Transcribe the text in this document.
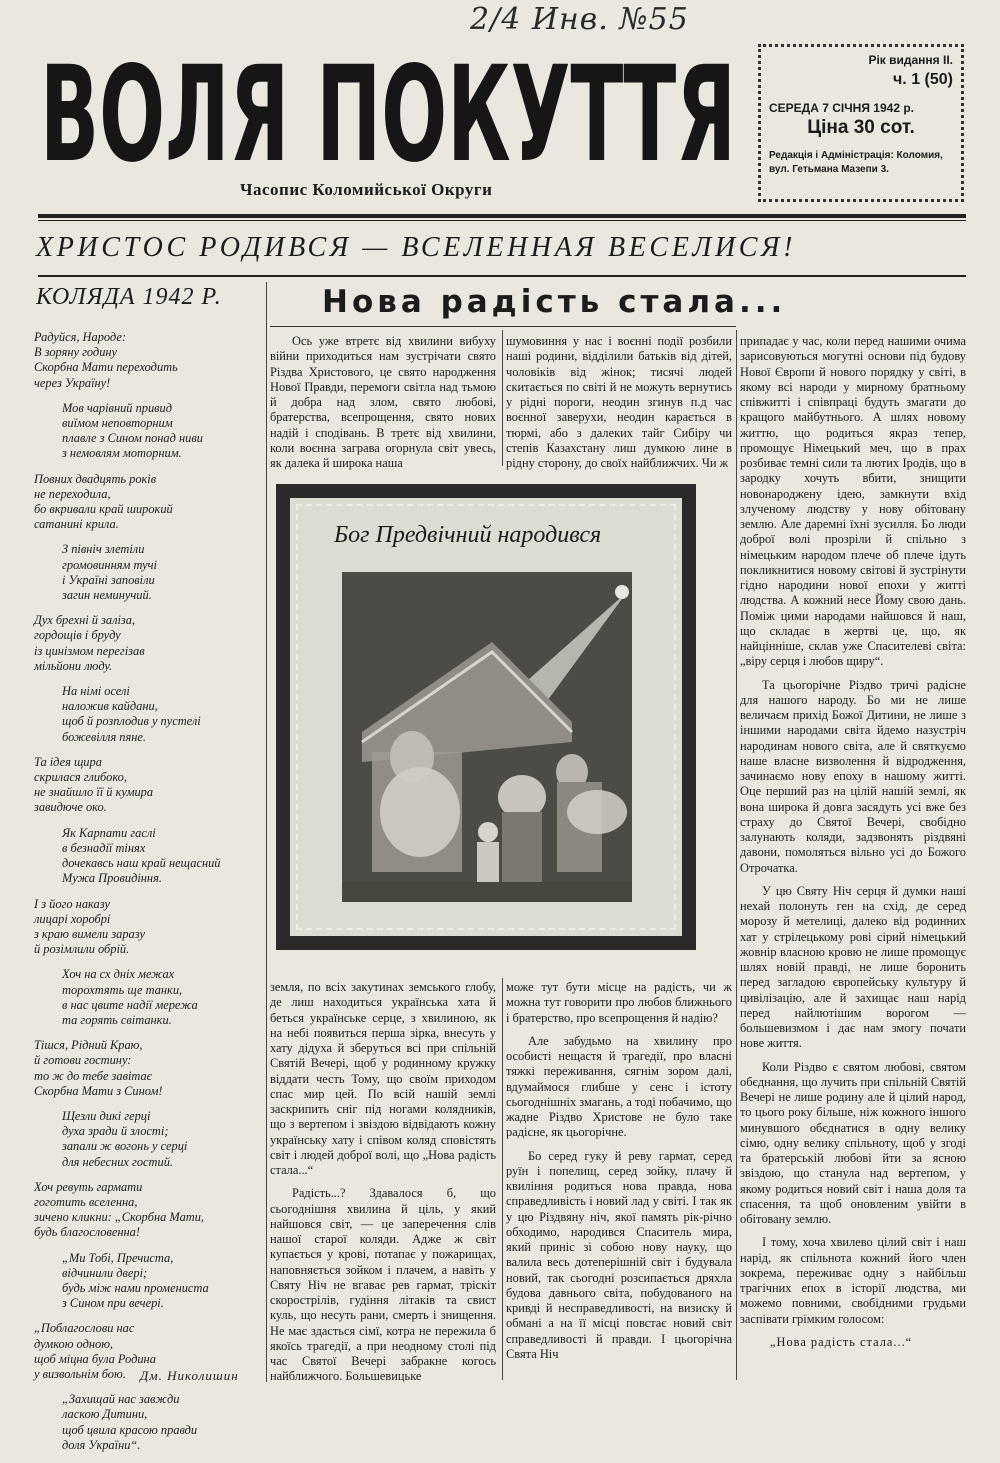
2/4 Инв. №55
ВОЛЯ ПОКУТТЯ
Часопис Коломийської Округи
Рік видання II.
ч. 1 (50)
СЕРЕДА 7 СІЧНЯ 1942 р.
Ціна 30 сот.
Редакція і Адміністрація: Коломия,
вул. Гетьмана Мазепи 3.
ХРИСТОС РОДИВСЯ — ВСЕЛЕННАЯ ВЕСЕЛИСЯ!
КОЛЯДА 1942 Р.
Радуйся, Народе:
В зоряну годину
Скорбна Мати переходить
через Україну!
Мов чарівний привид
виїмом неповторним
плавле з Сином понад ниви
з немовлям моторним.
Повних двадцять років
не переходила,
бо вкривали край широкий
сатанині крила.
З північ злетіли
громовинням тучі
і Україні заповіли
загин неминучий.
Дух брехні й заліза,
гордощів і бруду
із цинізмом перегізав
мільйони люду.
На німі оселі
наложив кайдани,
щоб й розплодив у пустелі
божевілля пяне.
Та ідея щира
скрилася глибоко,
не знайшло її й кумира
завидюче око.
Як Карпати гаслі
в безнадії тінях
дочекавсь наш край нещасний
Мужа Провидіння.
І з його наказу
лицарі хоробрі
з краю вимели заразу
й розімлили обрій.
Хоч на сх дніх межах
торохтять ще танки,
в нас цвите надії мережа
та горять світанки.
Тішся, Рідний Краю,
й готови гостину:
то ж до тебе завітає
Скорбна Мати з Сином!
Щезли дикі герці
духа зради й злості;
запали ж вогонь у серці
для небесних гостий.
Хоч ревуть гармати
гоготить вселенна,
зичено кликни: „Скорбна Мати,
будь благословенна!
„Ми Тобі, Пречиста,
відчинили двері;
будь між нами промениста
з Сином при вечері.
„Поблагослови нас
думкою одною,
щоб міцна була Родина
у визвольнім бою.
„Захищай нас завжди
ласкою Дитини,
щоб цвила красою правди
доля України“.
Дм. Николишин
Нова радість стала...

Ось уже втретє від хвилини вибуху війни приходиться нам зустрічати свято Різдва Христового, це свято народження Нової Правди, перемоги світла над тьмою й добра над злом, свято любові, братерства, всепрощення, свято нових надій і сподівань. В третє від хвилини, коли воєнна заграва огорнула світ увесь, як далека й широка наша

шумовиння у нас і воєнні події розбили наші родини, відділили батьків від дітей, чоловіків від жінок; тисячі людей скитається по світі й не можуть вернутись у рідні пороги, неодин згинув п.д час воєнної заверухи, неодин карається в тюрмі, або з далеких тайг Сибіру чи степів Казахстану лиш думкою лине в рідну сторону, до своїх найближчих. Чи ж

припадає у час, коли перед нашими очима зарисовуються могутні основи під будову Нової Європи й нового порядку у світі, в якому всі народи у мирному братньому співжитті і співпраці будуть змагати до кращого майбутнього. А шлях новому життю, що родиться якраз тепер, промощує Німецький меч, що в прах розбиває темні сили та лютих Іродів, що в зародку хочуть вбити, знищити новонароджену ідею, замкнути вхід злученому людству у нову обітовану землю. Але даремні їхні зусилля. Бо люди доброї волі прозріли й спільно з німецьким народом плече об плече ідуть покликнитися новому світові й зустрінути гідно народини нової епохи у житті людства. А кожний несе Йому свою дань. Поміж цими народами найшовся й наш, що складає в жертві це, що, як найцінніше, склав уже Спасителеві світа: „віру серця і любов щиру“.

Та цьогорічне Різдво тричі радісне для нашого народу. Бо ми не лише величаєм прихід Божої Дитини, не лише з іншими народами світа йдемо назустріч народинам нового світа, але й святкуємо наше власне визволення й відродження, зачинаємо нову епоху в нашому житті. Оце перший раз на цілій нашій землі, як вона широка й довга засядуть усі вже без страху до Святої Вечері, свобідно залунають коляди, задзвонять різдвяні давони, помоляться вільно усі до Божого Отрочатка.

У цю Святу Ніч серця й думки наші нехай полонуть ген на схід, де серед морозу й метелиці, далеко від родинних хат у стрілецькому рові сірий німецький жовнір власною кровю не лише промощує шлях новій правді, не лише боронить перед загладою європейську культуру й цивілізацію, але й захищає наш нарід перед найлютішим ворогом — большевизмом і дає нам змогу почати нове життя.

Коли Різдво є святом любові, святом обєднання, що лучить при спільній Святій Вечері не лише родину але й цілий народ, то цього року більше, ніж кожного іншого минувшого обєднатися в одну велику сімю, одну велику спільноту, щоб у згоді та братерській любові йти за ясною звіздою, що станула над вертепом, у якому родиться новий світ і наша доля та спасення, та щоб оновленим увійти в обітовану землю.

І тому, хоча хвилево цілий світ і наш нарід, як спільнота кожний його член зокрема, переживає одну з найбільш трагічних епох в історії людства, ми можемо повними, свобідними грудьми заспівати грімким голосом:

„Нова радість стала...“

Бог Предвічний народився

земля, по всіх закутинах земського глобу, де лиш находиться українська хата й беться українське серце, з хвилиною, як на небі появиться перша зірка, внесуть у хату дідуха й зберуться всі при спільній Святій Вечері, щоб у родинному кружку віддати честь Тому, що своїм приходом спас мир цей. По всій нашій землі заскрипить сніг під ногами колядників, що з вертепом і звіздою відвідають кожну українську хату і співом коляд сповістять світ і людей доброї волі, що „Нова радість стала...“

Радість...? Здавалося б, що сьогоднішня хвилина й ціль, у який найшовся світ, — це заперечення слів нашої старої коляди. Адже ж світ купається у крові, потапає у пожарищах, наповняється зойком і плачем, а навіть у Святу Ніч не вгаває рев гармат, тріскіт скорострілів, гудіння літаків та свист куль, що несуть рани, смерть і знищення. Не має здасться сімї, котра не пережила б якоїсь трагедії, а при неодному столі під час Святої Вечері забракне когось найближчого. Большевицьке

може тут бути місце на радість, чи ж можна тут говорити про любов ближнього і братерство, про всепрощення й надію?

Але забудьмо на хвилину про особисті нещастя й трагедії, про власні тяжкі переживання, сягнім зором далі, вдумаймося глибше у сенс і істоту сьогоднішніх змагань, а тоді побачимо, що жадне Різдво Христове не було таке радісне, як цьогорічне.

Бо серед гуку й реву гармат, серед руїн і попелищ, серед зойку, плачу й квиління родиться нова правда, нова справедливість і новий лад у світі. І так як у цю Різдвяну ніч, якої память рік-річно обходимо, народився Спаситель мира, який приніс зі собою нову науку, що валила весь дотеперішній світ і будувала новий, так сьогодні розсипається дряхла будова давнього світа, побудованого на кривді й несправедливості, на визиску й обмані а на її місці повстає новий світ справедливості й правди. І цьогорічна Свята Ніч
